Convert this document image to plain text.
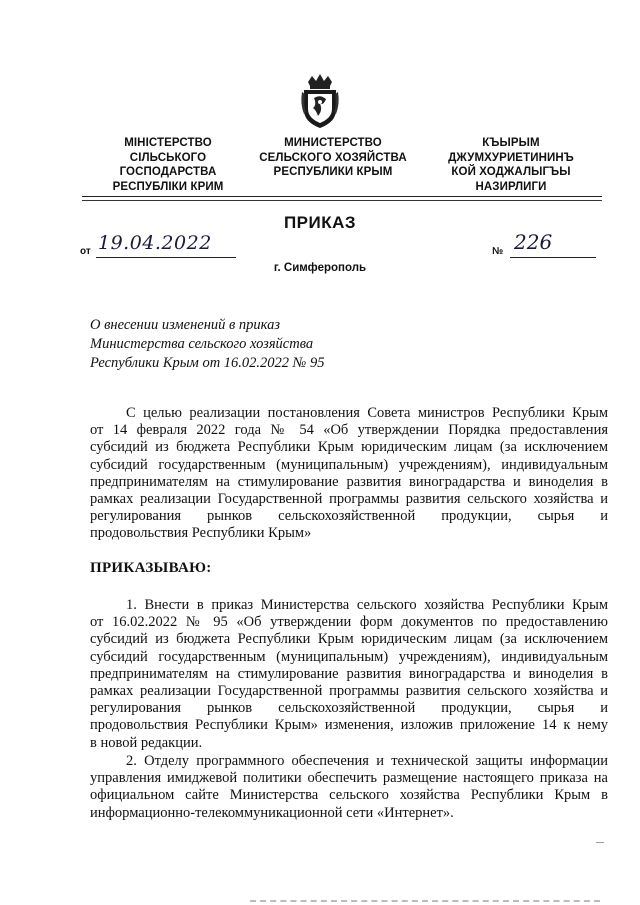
МІНІСТЕРСТВО
СІЛЬСЬКОГО
ГОСПОДАРСТВА
РЕСПУБЛІКИ КРИМ
МИНИСТЕРСТВО
СЕЛЬСКОГО ХОЗЯЙСТВА
РЕСПУБЛИКИ КРЫМ
КЪЫРЫМ
ДЖУМХУРИЕТИНИНЪ
КОЙ ХОДЖАЛЫГЪЫ
НАЗИРЛИГИ
ПРИКАЗ
от 19.04.2022	№ 226
г. Симферополь
О внесении изменений в приказ
Министерства сельского хозяйства
Республики Крым от 16.02.2022 № 95
С целью реализации постановления Совета министров Республики Крым
от 14 февраля 2022 года № 54 «Об утверждении Порядка предоставления
субсидий из бюджета Республики Крым юридическим лицам (за исключением
субсидий государственным (муниципальным) учреждениям), индивидуальным
предпринимателям на стимулирование развития виноградарства и виноделия в
рамках реализации Государственной программы развития сельского хозяйства и
регулирования рынков сельскохозяйственной продукции, сырья и
продовольствия Республики Крым»
ПРИКАЗЫВАЮ:
1. Внести в приказ Министерства сельского хозяйства Республики Крым
от 16.02.2022 № 95 «Об утверждении форм документов по предоставлению
субсидий из бюджета Республики Крым юридическим лицам (за исключением
субсидий государственным (муниципальным) учреждениям), индивидуальным
предпринимателям на стимулирование развития виноградарства и виноделия в
рамках реализации Государственной программы развития сельского хозяйства и
регулирования рынков сельскохозяйственной продукции, сырья и
продовольствия Республики Крым» изменения, изложив приложение 14 к нему
в новой редакции.
2. Отделу программного обеспечения и технической защиты информации
управления имиджевой политики обеспечить размещение настоящего приказа на
официальном сайте Министерства сельского хозяйства Республики Крым в
информационно-телекоммуникационной сети «Интернет».
